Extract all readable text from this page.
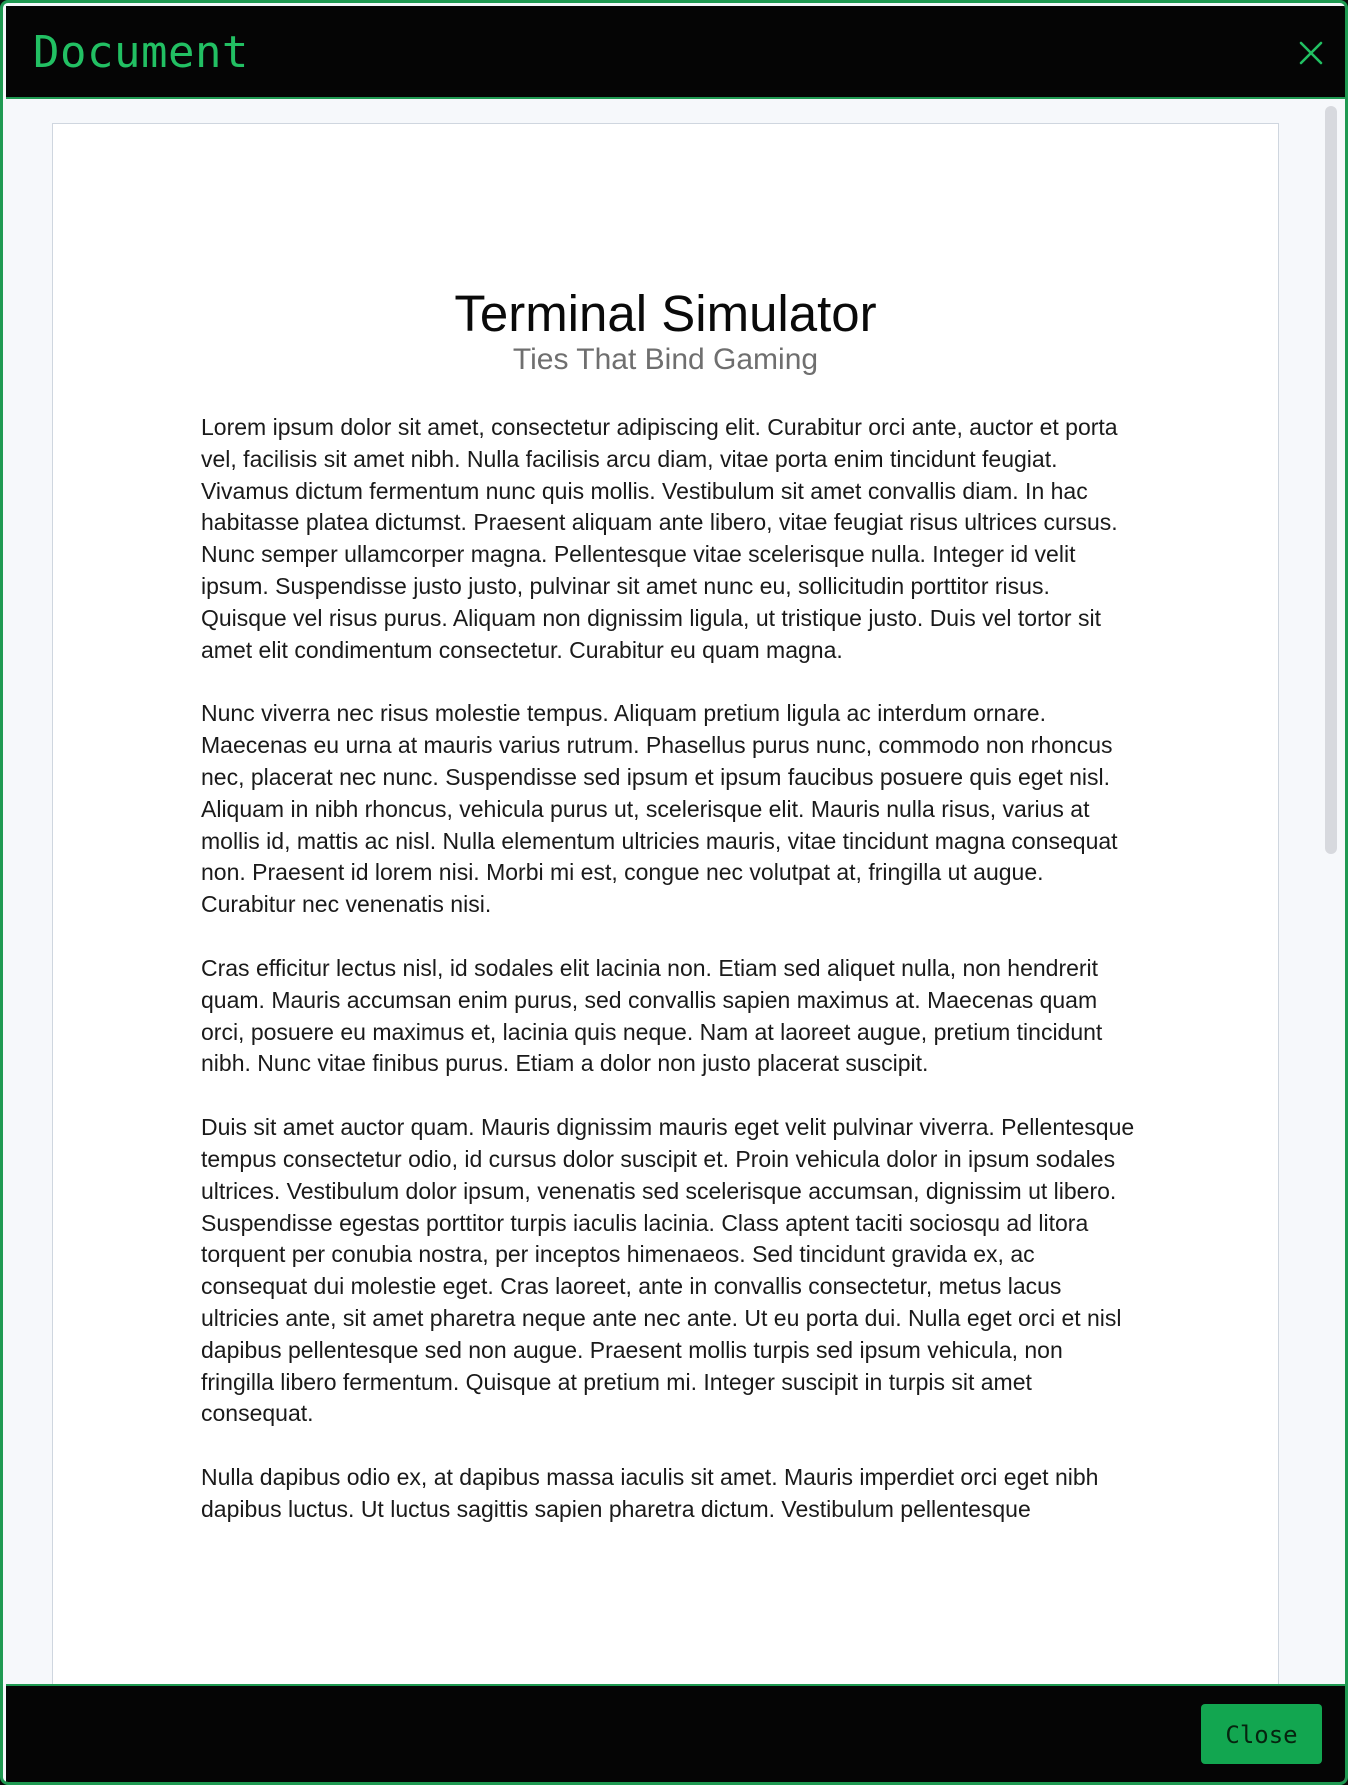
Document
Terminal Simulator
Ties That Bind Gaming

Lorem ipsum dolor sit amet, consectetur adipiscing elit. Curabitur orci ante, auctor et porta vel, facilisis sit amet nibh. Nulla facilisis arcu diam, vitae porta enim tincidunt feugiat. Vivamus dictum fermentum nunc quis mollis. Vestibulum sit amet convallis diam. In hac habitasse platea dictumst. Praesent aliquam ante libero, vitae feugiat risus ultrices cursus. Nunc semper ullamcorper magna. Pellentesque vitae scelerisque nulla. Integer id velit ipsum. Suspendisse justo justo, pulvinar sit amet nunc eu, sollicitudin porttitor risus. Quisque vel risus purus. Aliquam non dignissim ligula, ut tristique justo. Duis vel tortor sit amet elit condimentum consectetur. Curabitur eu quam magna.

Nunc viverra nec risus molestie tempus. Aliquam pretium ligula ac interdum ornare. Maecenas eu urna at mauris varius rutrum. Phasellus purus nunc, commodo non rhoncus nec, placerat nec nunc. Suspendisse sed ipsum et ipsum faucibus posuere quis eget nisl. Aliquam in nibh rhoncus, vehicula purus ut, scelerisque elit. Mauris nulla risus, varius at mollis id, mattis ac nisl. Nulla elementum ultricies mauris, vitae tincidunt magna consequat non. Praesent id lorem nisi. Morbi mi est, congue nec volutpat at, fringilla ut augue. Curabitur nec venenatis nisi.

Cras efficitur lectus nisl, id sodales elit lacinia non. Etiam sed aliquet nulla, non hendrerit quam. Mauris accumsan enim purus, sed convallis sapien maximus at. Maecenas quam orci, posuere eu maximus et, lacinia quis neque. Nam at laoreet augue, pretium tincidunt nibh. Nunc vitae finibus purus. Etiam a dolor non justo placerat suscipit.

Duis sit amet auctor quam. Mauris dignissim mauris eget velit pulvinar viverra. Pellentesque tempus consectetur odio, id cursus dolor suscipit et. Proin vehicula dolor in ipsum sodales ultrices. Vestibulum dolor ipsum, venenatis sed scelerisque accumsan, dignissim ut libero. Suspendisse egestas porttitor turpis iaculis lacinia. Class aptent taciti sociosqu ad litora torquent per conubia nostra, per inceptos himenaeos. Sed tincidunt gravida ex, ac consequat dui molestie eget. Cras laoreet, ante in convallis consectetur, metus lacus ultricies ante, sit amet pharetra neque ante nec ante. Ut eu porta dui. Nulla eget orci et nisl dapibus pellentesque sed non augue. Praesent mollis turpis sed ipsum vehicula, non fringilla libero fermentum. Quisque at pretium mi. Integer suscipit in turpis sit amet consequat.

Nulla dapibus odio ex, at dapibus massa iaculis sit amet. Mauris imperdiet orci eget nibh dapibus luctus. Ut luctus sagittis sapien pharetra dictum. Vestibulum pellentesque

Close
